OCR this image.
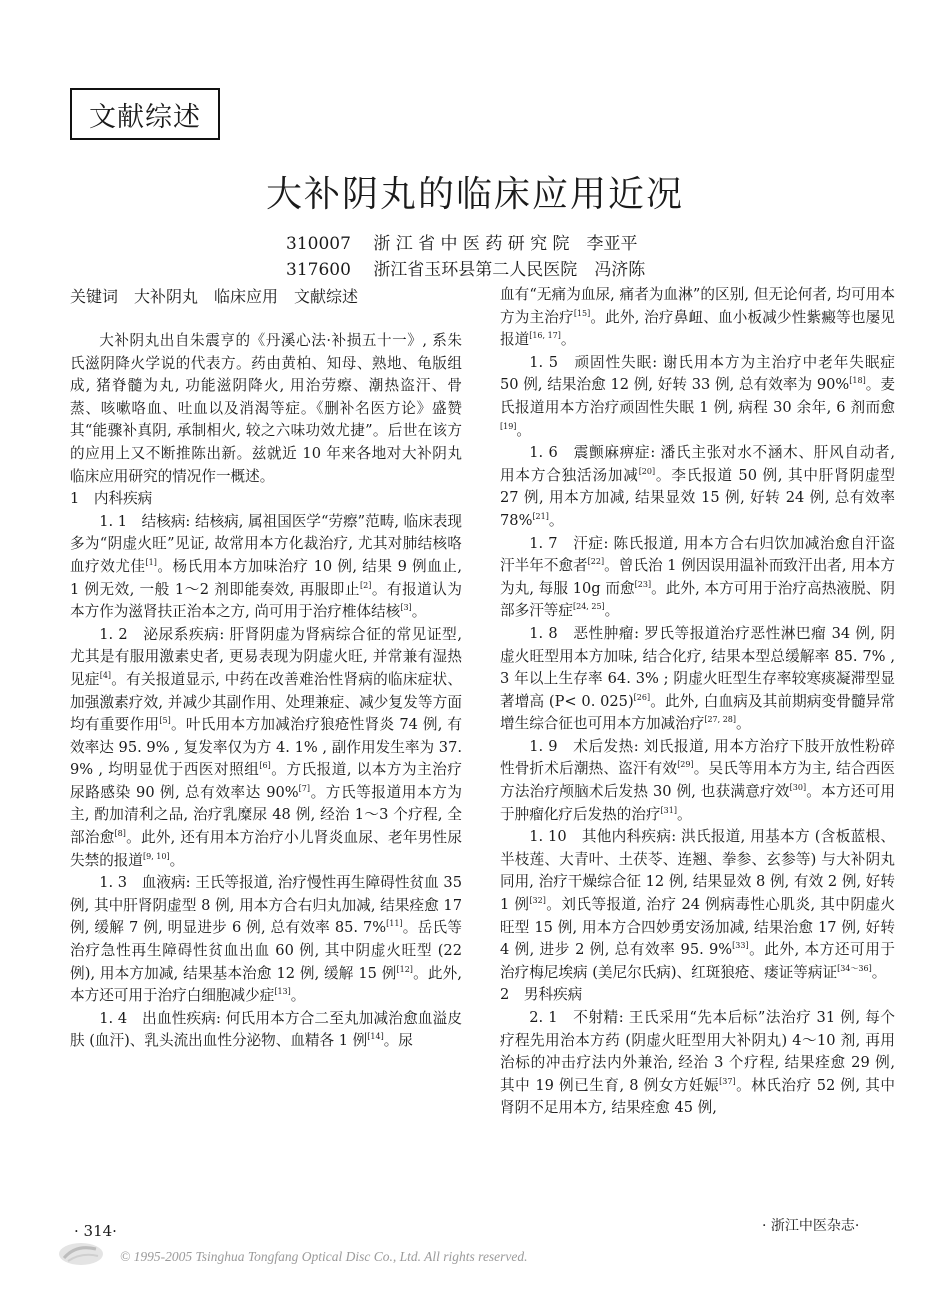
文献综述
大补阴丸的临床应用近况
310007　 浙 江 省 中 医 药 研 究 院　 李亚平
317600　 浙江省玉环县第二人民医院　 冯济陈
关键词　大补阴丸　临床应用　文献综述

大补阴丸出自朱震亨的《丹溪心法·补损五十一》, 系朱氏滋阴降火学说的代表方。药由黄柏、知母、熟地、龟版组成, 猪脊髓为丸, 功能滋阴降火, 用治劳瘵、潮热盗汗、骨蒸、咳嗽咯血、吐血以及消渴等症。《删补名医方论》盛赞其“能骤补真阴, 承制相火, 较之六味功效尤捷”。后世在该方的应用上又不断推陈出新。兹就近 10 年来各地对大补阴丸临床应用研究的情况作一概述。

1　内科疾病

1. 1　结核病: 结核病, 属祖国医学“劳瘵”范畴, 临床表现多为“阴虚火旺”见证, 故常用本方化裁治疗, 尤其对肺结核咯血疗效尤佳[1]。杨氏用本方加味治疗 10 例, 结果 9 例血止, 1 例无效, 一般 1～2 剂即能奏效, 再服即止[2]。有报道认为本方作为滋肾扶正治本之方, 尚可用于治疗椎体结核[3]。

1. 2　泌尿系疾病: 肝肾阴虚为肾病综合征的常见证型, 尤其是有服用激素史者, 更易表现为阴虚火旺, 并常兼有湿热见症[4]。有关报道显示, 中药在改善难治性肾病的临床症状、加强激素疗效, 并减少其副作用、处理兼症、减少复发等方面均有重要作用[5]。叶氏用本方加减治疗狼疮性肾炎 74 例, 有效率达 95. 9% , 复发率仅为方 4. 1% , 副作用发生率为 37. 9% , 均明显优于西医对照组[6]。方氏报道, 以本方为主治疗尿路感染 90 例, 总有效率达 90%[7]。方氏等报道用本方为主, 酌加清利之品, 治疗乳糜尿 48 例, 经治 1～3 个疗程, 全部治愈[8]。此外, 还有用本方治疗小儿肾炎血尿、老年男性尿失禁的报道[9, 10]。

1. 3　血液病: 王氏等报道, 治疗慢性再生障碍性贫血 35 例, 其中肝肾阴虚型 8 例, 用本方合右归丸加减, 结果痊愈 17 例, 缓解 7 例, 明显进步 6 例, 总有效率 85. 7%[11]。岳氏等治疗急性再生障碍性贫血出血 60 例, 其中阴虚火旺型 (22 例), 用本方加减, 结果基本治愈 12 例, 缓解 15 例[12]。此外, 本方还可用于治疗白细胞减少症[13]。

1. 4　出血性疾病: 何氏用本方合二至丸加减治愈血溢皮肤 (血汗)、乳头流出血性分泌物、血精各 1 例[14]。尿

血有“无痛为血尿, 痛者为血淋”的区别, 但无论何者, 均可用本方为主治疗[15]。此外, 治疗鼻衄、血小板减少性紫癜等也屡见报道[16, 17]。

1. 5　顽固性失眠: 谢氏用本方为主治疗中老年失眠症 50 例, 结果治愈 12 例, 好转 33 例, 总有效率为 90%[18]。麦氏报道用本方治疗顽固性失眠 1 例, 病程 30 余年, 6 剂而愈[19]。

1. 6　震颤麻痹症: 潘氏主张对水不涵木、肝风自动者, 用本方合独活汤加减[20]。李氏报道 50 例, 其中肝肾阴虚型 27 例, 用本方加减, 结果显效 15 例, 好转 24 例, 总有效率 78%[21]。

1. 7　汗症: 陈氏报道, 用本方合右归饮加减治愈自汗盗汗半年不愈者[22]。曾氏治 1 例因误用温补而致汗出者, 用本方为丸, 每服 10g 而愈[23]。此外, 本方可用于治疗高热液脱、阴部多汗等症[24, 25]。

1. 8　恶性肿瘤: 罗氏等报道治疗恶性淋巴瘤 34 例, 阴虚火旺型用本方加味, 结合化疗, 结果本型总缓解率 85. 7% , 3 年以上生存率 64. 3% ; 阴虚火旺型生存率较寒痰凝滞型显著增高 (P< 0. 025)[26]。此外, 白血病及其前期病变骨髓异常增生综合征也可用本方加减治疗[27, 28]。

1. 9　术后发热: 刘氏报道, 用本方治疗下肢开放性粉碎性骨折术后潮热、盗汗有效[29]。吴氏等用本方为主, 结合西医方法治疗颅脑术后发热 30 例, 也获满意疗效[30]。本方还可用于肿瘤化疗后发热的治疗[31]。

1. 10　其他内科疾病: 洪氏报道, 用基本方 (含板蓝根、半枝莲、大青叶、土茯苓、连翘、拳参、玄参等) 与大补阴丸同用, 治疗干燥综合征 12 例, 结果显效 8 例, 有效 2 例, 好转 1 例[32]。刘氏等报道, 治疗 24 例病毒性心肌炎, 其中阴虚火旺型 15 例, 用本方合四妙勇安汤加减, 结果治愈 17 例, 好转 4 例, 进步 2 例, 总有效率 95. 9%[33]。此外, 本方还可用于治疗梅尼埃病 (美尼尔氏病)、红斑狼疮、瘘证等病证[34～36]。

2　男科疾病

2. 1　不射精: 王氏采用“先本后标”法治疗 31 例, 每个疗程先用治本方药 (阴虚火旺型用大补阴丸) 4～10 剂, 再用治标的冲击疗法内外兼治, 经治 3 个疗程, 结果痊愈 29 例, 其中 19 例已生育, 8 例女方妊娠[37]。林氏治疗 52 例, 其中肾阴不足用本方, 结果痊愈 45 例,

· 314·	· 浙江中医杂志·
© 1995-2005 Tsinghua Tongfang Optical Disc Co., Ltd. All rights reserved.
